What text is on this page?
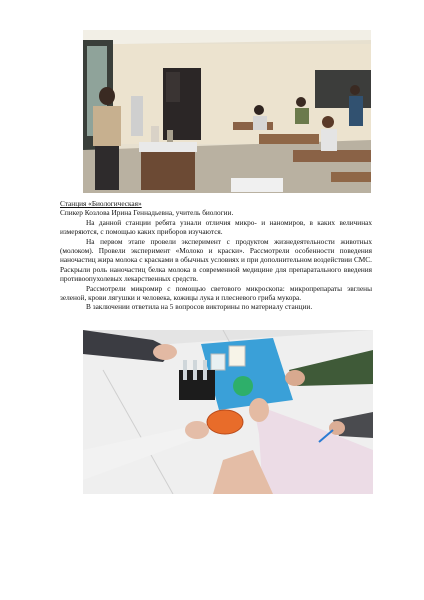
Станция «Биологическая»

Спикер Козлова Ирина Геннадьевна, учитель биологии.

На данной станции ребята узнали отличия микро- и наномиров, в каких величинах измеряются, с помощью каких приборов изучаются.

На первом этапе провели эксперимент с продуктом жизнедеятельности животных (молоком). Провели эксперимент «Молоко и краски». Рассмотрели особенности поведения наночастиц жира молока с красками в обычных условиях и при дополнительном воздействии СМС. Раскрыли роль наночастиц белка молока в современной медицине для препаратального введения противоопухолевых лекарственных средств.

Рассмотрели микромир с помощью светового микроскопа: микропрепараты эвглены зеленой, крови лягушки и человека, кожицы лука и плесневого гриба мукора.

В заключении ответила на 5 вопросов викторины по материалу станции.
